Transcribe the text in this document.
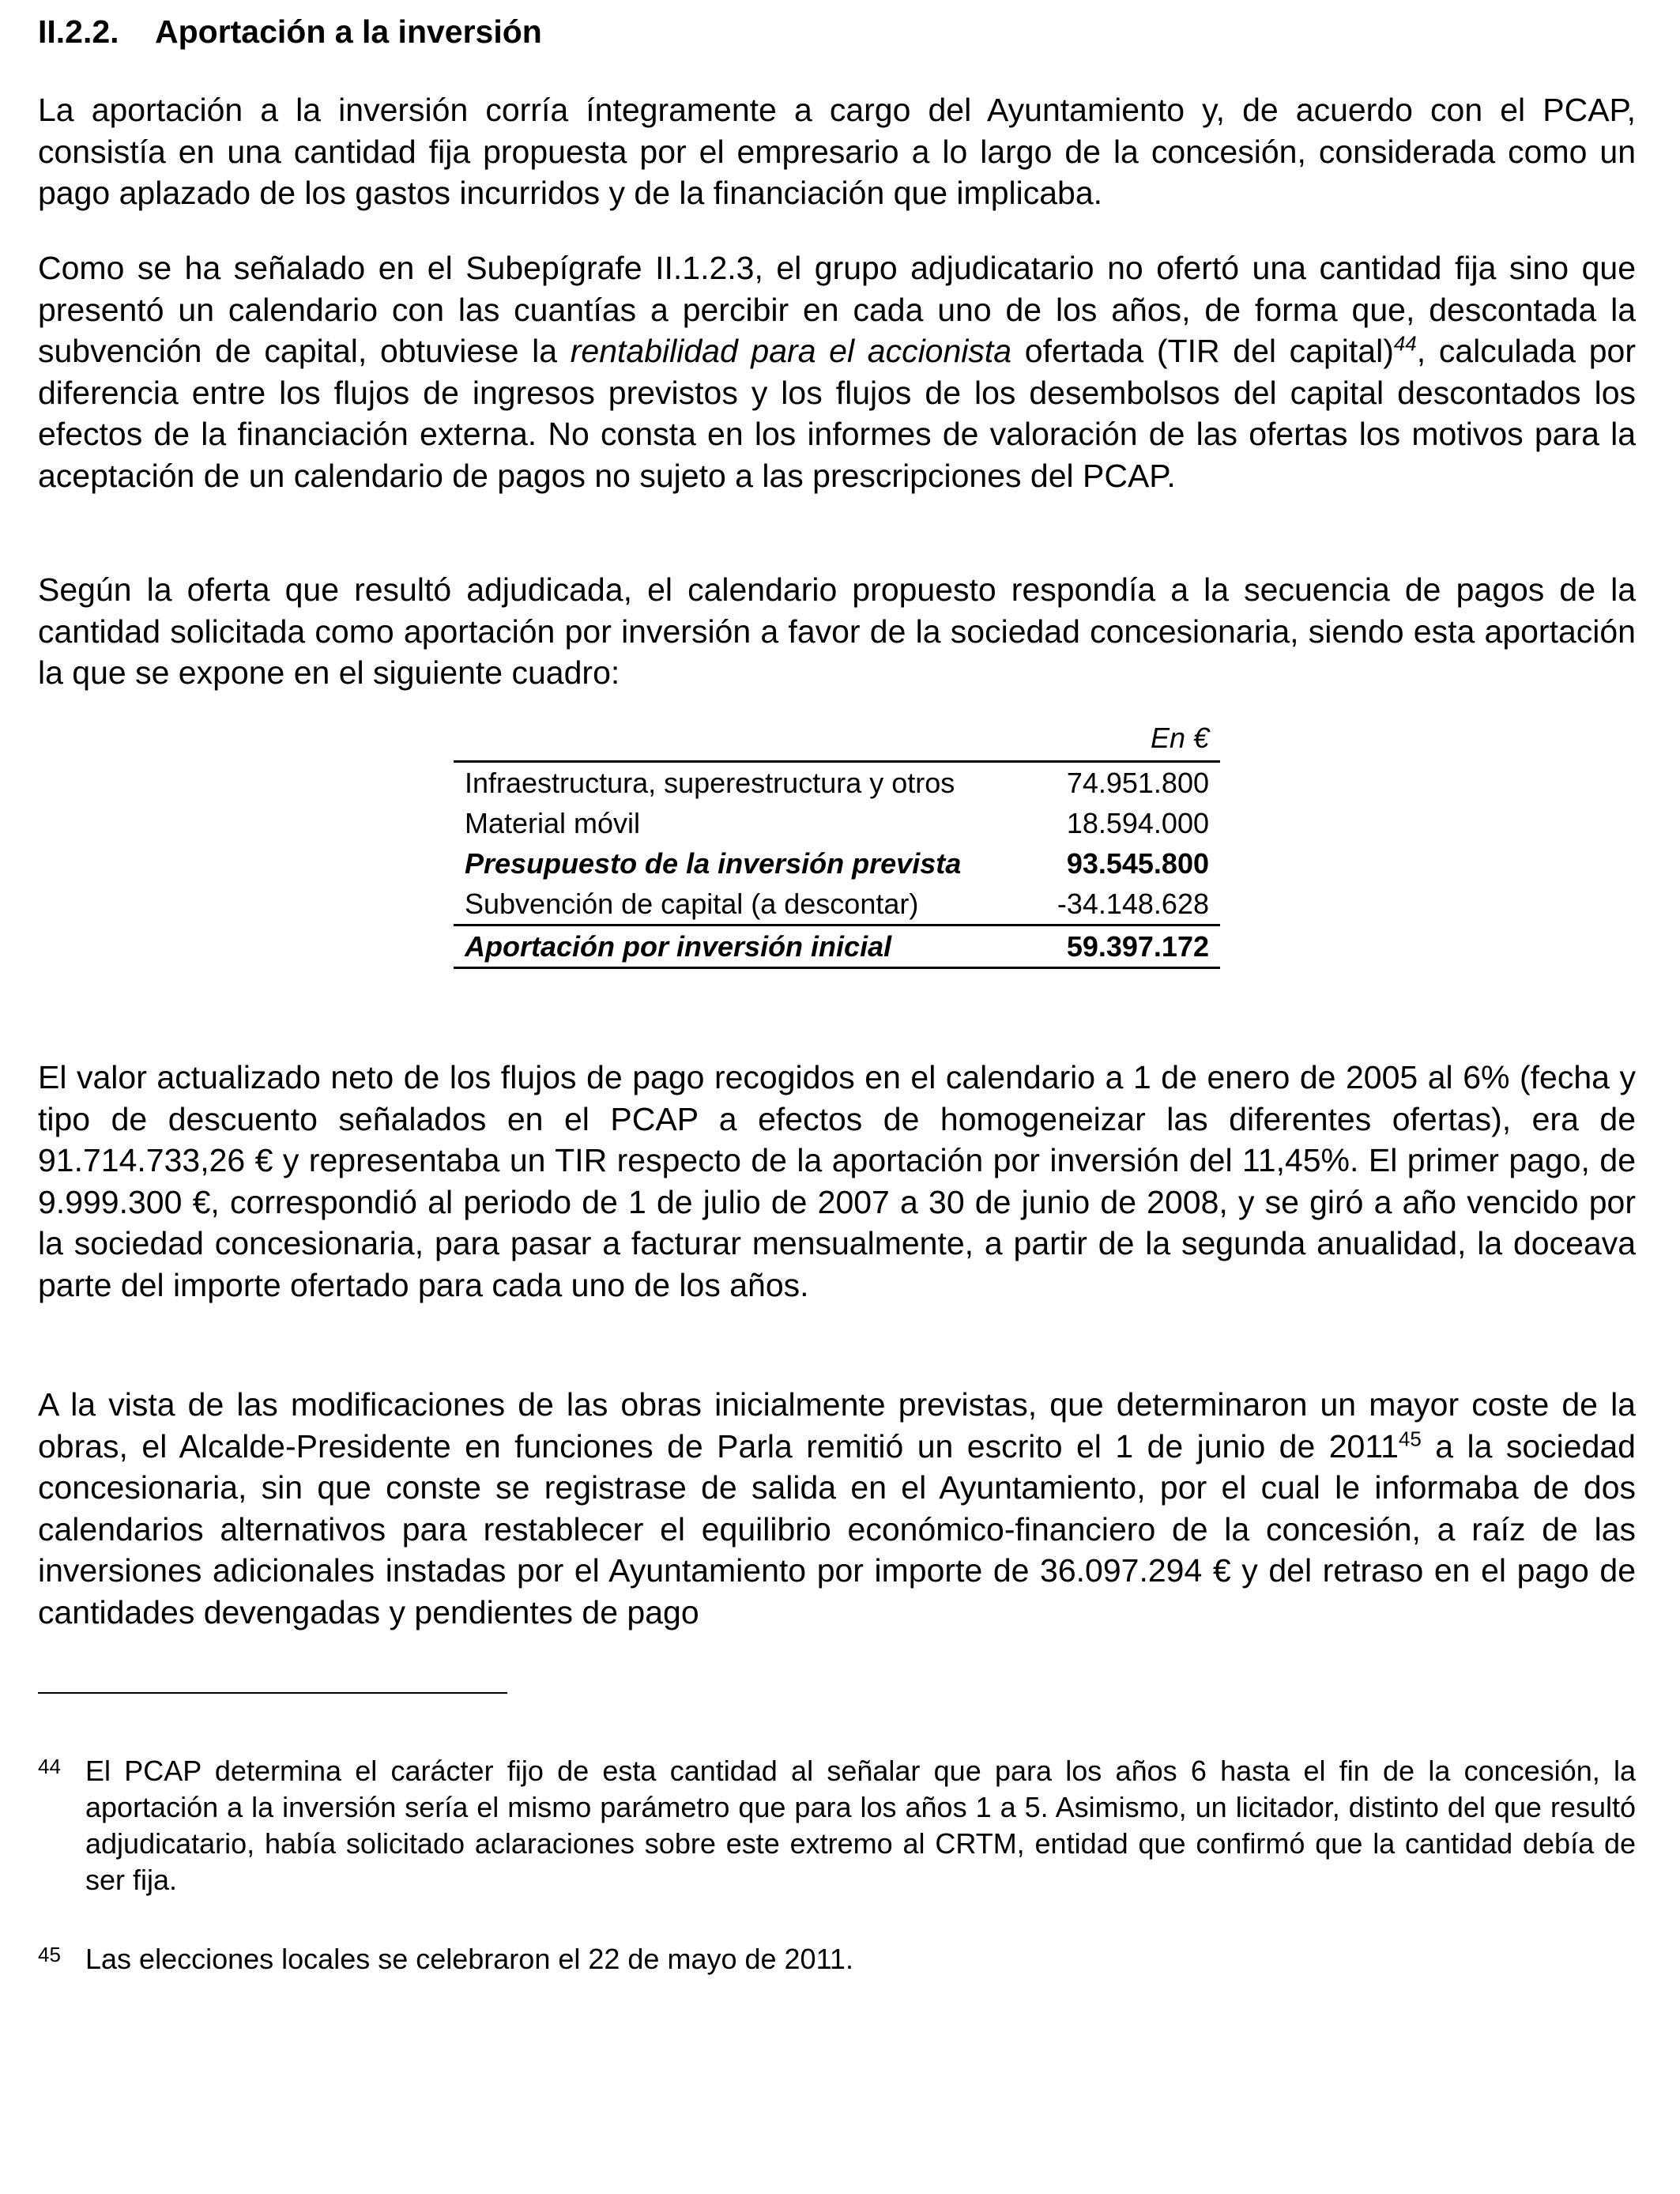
II.2.2. Aportación a la inversión

La aportación a la inversión corría íntegramente a cargo del Ayuntamiento y, de acuerdo con el PCAP, consistía en una cantidad fija propuesta por el empresario a lo largo de la concesión, considerada como un pago aplazado de los gastos incurridos y de la financiación que implicaba.

Como se ha señalado en el Subepígrafe II.1.2.3, el grupo adjudicatario no ofertó una cantidad fija sino que presentó un calendario con las cuantías a percibir en cada uno de los años, de forma que, descontada la subvención de capital, obtuviese la rentabilidad para el accionista ofertada (TIR del capital)$^{44}$, calculada por diferencia entre los flujos de ingresos previstos y los flujos de los desembolsos del capital descontados los efectos de la financiación externa. No consta en los informes de valoración de las ofertas los motivos para la aceptación de un calendario de pagos no sujeto a las prescripciones del PCAP.

Según la oferta que resultó adjudicada, el calendario propuesto respondía a la secuencia de pagos de la cantidad solicitada como aportación por inversión a favor de la sociedad concesionaria, siendo esta aportación la que se expone en el siguiente cuadro:

En €
Infraestructura, superestructura y otros	74.951.800
Material móvil	18.594.000
Presupuesto de la inversión prevista	93.545.800
Subvención de capital (a descontar)	-34.148.628
Aportación por inversión inicial	59.397.172

El valor actualizado neto de los flujos de pago recogidos en el calendario a 1 de enero de 2005 al 6% (fecha y tipo de descuento señalados en el PCAP a efectos de homogeneizar las diferentes ofertas), era de 91.714.733,26 € y representaba un TIR respecto de la aportación por inversión del 11,45%. El primer pago, de 9.999.300 €, correspondió al periodo de 1 de julio de 2007 a 30 de junio de 2008, y se giró a año vencido por la sociedad concesionaria, para pasar a facturar mensualmente, a partir de la segunda anualidad, la doceava parte del importe ofertado para cada uno de los años.

A la vista de las modificaciones de las obras inicialmente previstas, que determinaron un mayor coste de la obras, el Alcalde-Presidente en funciones de Parla remitió un escrito el 1 de junio de 2011$^{45}$ a la sociedad concesionaria, sin que conste se registrase de salida en el Ayuntamiento, por el cual le informaba de dos calendarios alternativos para restablecer el equilibrio económico-financiero de la concesión, a raíz de las inversiones adicionales instadas por el Ayuntamiento por importe de 36.097.294 € y del retraso en el pago de cantidades devengadas y pendientes de pago

44 El PCAP determina el carácter fijo de esta cantidad al señalar que para los años 6 hasta el fin de la concesión, la aportación a la inversión sería el mismo parámetro que para los años 1 a 5. Asimismo, un licitador, distinto del que resultó adjudicatario, había solicitado aclaraciones sobre este extremo al CRTM, entidad que confirmó que la cantidad debía de ser fija.
45 Las elecciones locales se celebraron el 22 de mayo de 2011.
